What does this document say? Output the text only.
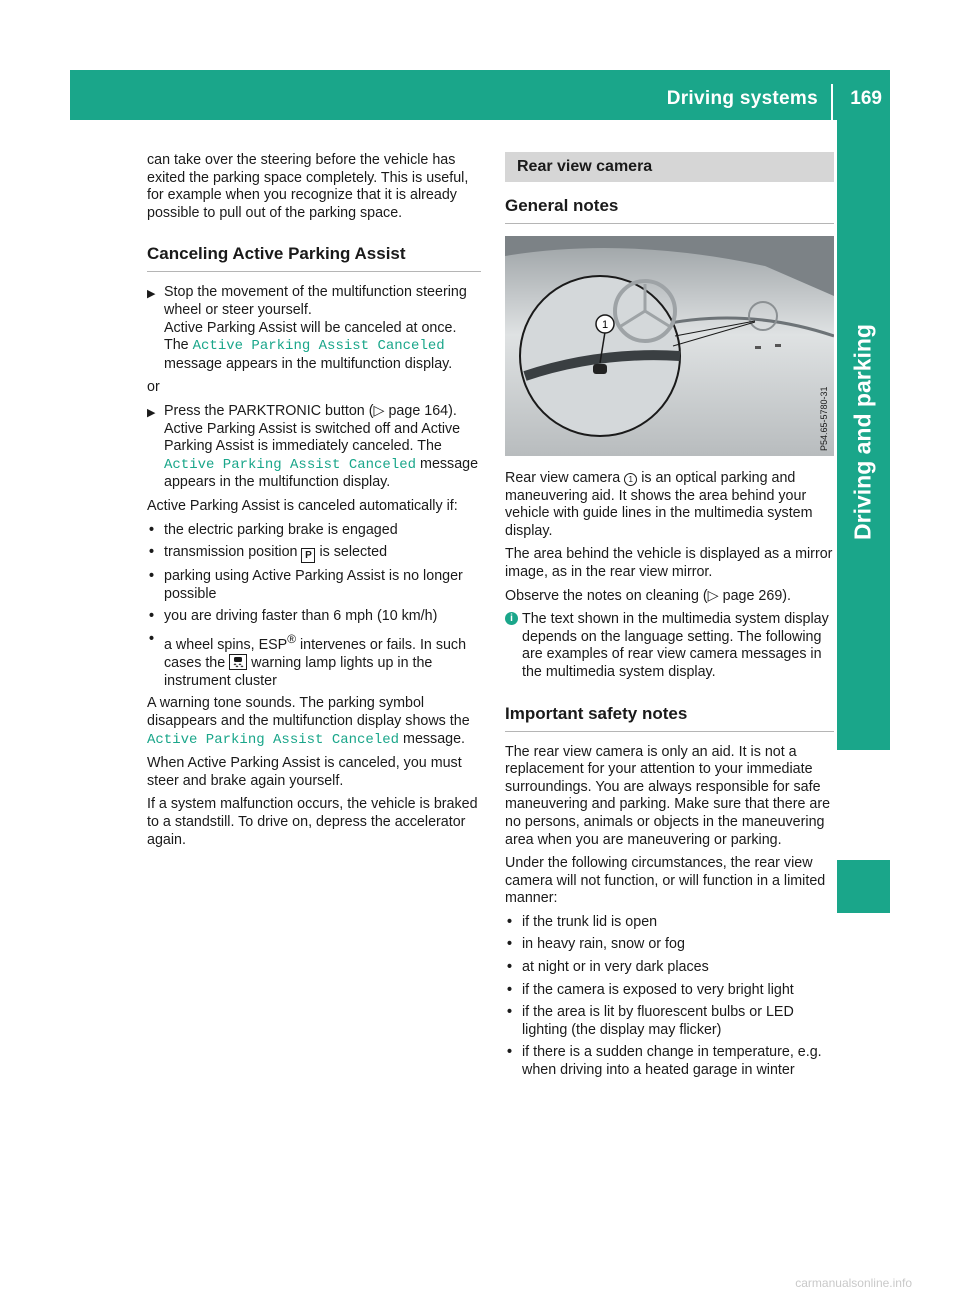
Driving systems 169
Driving and parking

can take over the steering before the vehicle has exited the parking space completely. This is useful, for example when you recognize that it is already possible to pull out of the parking space.

Canceling Active Parking Assist
▶ Stop the movement of the multifunction steering wheel or steer yourself.
Active Parking Assist will be canceled at once.
The Active Parking Assist Canceled message appears in the multifunction display.

or

▶ Press the PARKTRONIC button (▷ page 164).
Active Parking Assist is switched off and Active Parking Assist is immediately canceled. The Active Parking Assist Canceled message appears in the multifunction display.

Active Parking Assist is canceled automatically if:

• the electric parking brake is engaged
• transmission position P is selected
• parking using Active Parking Assist is no longer possible
• you are driving faster than 6 mph (10 km/h)
• a wheel spins, ESP® intervenes or fails. In such cases the warning lamp lights up in the instrument cluster

A warning tone sounds. The parking symbol disappears and the multifunction display shows the Active Parking Assist Canceled message.

When Active Parking Assist is canceled, you must steer and brake again yourself.

If a system malfunction occurs, the vehicle is braked to a standstill. To drive on, depress the accelerator again.

Rear view camera
General notes
1
P54.65-5780-31

Rear view camera 1 is an optical parking and maneuvering aid. It shows the area behind your vehicle with guide lines in the multimedia system display.

The area behind the vehicle is displayed as a mirror image, as in the rear view mirror.

Observe the notes on cleaning (▷ page 269).

i The text shown in the multimedia system display depends on the language setting. The following are examples of rear view camera messages in the multimedia system display.
Important safety notes

The rear view camera is only an aid. It is not a replacement for your attention to your immediate surroundings. You are always responsible for safe maneuvering and parking. Make sure that there are no persons, animals or objects in the maneuvering area when you are maneuvering or parking.

Under the following circumstances, the rear view camera will not function, or will function in a limited manner:

• if the trunk lid is open
• in heavy rain, snow or fog
• at night or in very dark places
• if the camera is exposed to very bright light
• if the area is lit by fluorescent bulbs or LED lighting (the display may flicker)
• if there is a sudden change in temperature, e.g. when driving into a heated garage in winter
carmanualsonline.info
